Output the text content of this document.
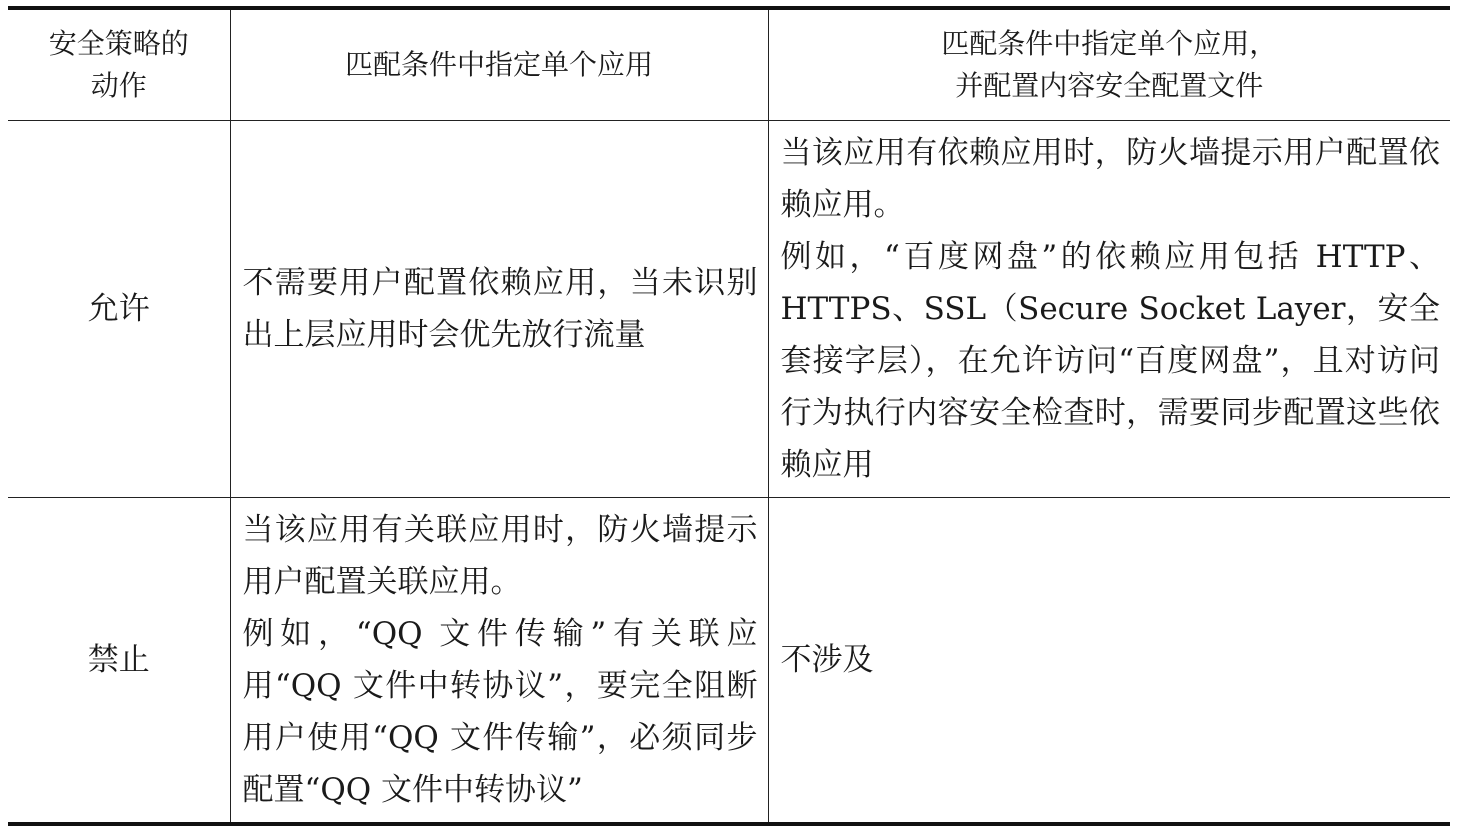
安全策略的
动作	匹配条件中指定单个应用	匹配条件中指定单个应用，
并配置内容安全配置文件

允许	不需要用户配置依赖应用，当未识别出上层应用时会优先放行流量	当该应用有依赖应用时，防火墙提示用户配置依赖应用。
例如，“百度网盘”的依赖应用包括 HTTP、HTTPS、SSL（Secure Socket Layer，安全套接字层），在允许访问“百度网盘”，且对访问行为执行内容安全检查时，需要同步配置这些依赖应用

禁止	当该应用有关联应用时，防火墙提示用户配置关联应用。
例如，“QQ 文件传输”有关联应用“QQ 文件中转协议”，要完全阻断用户使用“QQ 文件传输”，必须同步配置“QQ 文件中转协议”	不涉及
